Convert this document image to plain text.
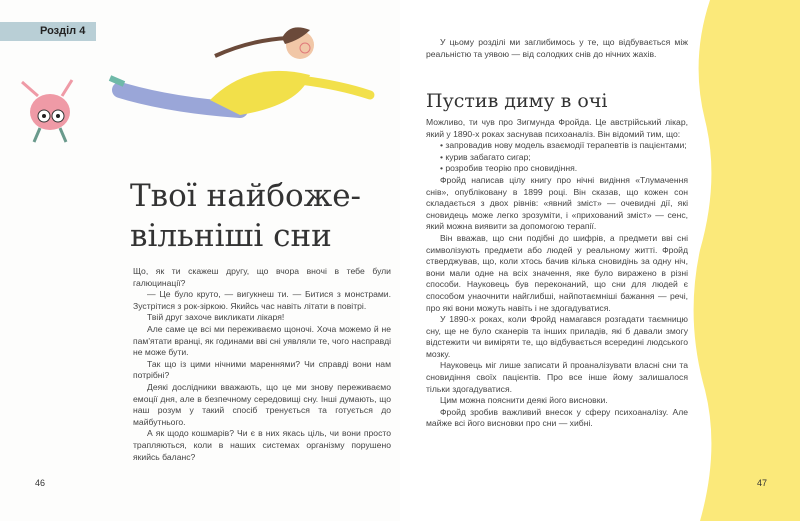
Розділ 4
Твої найбоже-
вільніші сни

Що, як ти скажеш другу, що вчора вночі в тебе були галюцинації?

— Це було круто, — вигукнеш ти. — Битися з монстрами. Зустрітися з рок-зіркою. Якийсь час навіть літати в повітрі.

Твій друг захоче викликати лікаря!

Але саме це всі ми переживаємо щоночі. Хоча можемо й не пам'ятати вранці, як годинами вві сні уявляли те, чого насправді не може бути.

Так що із цими нічними мареннями? Чи справді вони нам потрібні?

Деякі дослідники вважають, що це ми знову переживаємо емоції дня, але в безпечному середовищі сну. Інші думають, що наш розум у такий спосіб тренується та готується до майбутнього.

А як щодо кошмарів? Чи є в них якась ціль, чи вони просто трапляються, коли в наших системах організму порушено якийсь баланс?

46

У цьому розділі ми заглибимось у те, що відбувається між реальністю та уявою — від солодких снів до нічних жахів.

Пустив диму в очі

Можливо, ти чув про Зигмунда Фройда. Це австрійський лікар, який у 1890-х роках заснував психоаналіз. Він відомий тим, що:

• запровадив нову модель взаємодії терапевтів із пацієнтами;

• курив забагато сигар;

• розробив теорію про сновидіння.

Фройд написав цілу книгу про нічні видіння «Тлумачення снів», опубліковану в 1899 році. Він сказав, що кожен сон складається з двох рівнів: «явний зміст» — очевидні дії, які сновидець може легко зрозуміти, і «прихований зміст» — сенс, який можна виявити за допомогою терапії.

Він вважав, що сни подібні до шифрів, а предмети вві сні символізують предмети або людей у реальному житті. Фройд стверджував, що, коли хтось бачив кілька сновидінь за одну ніч, вони мали одне на всіх значення, яке було виражено в різні способи. Науковець був переконаний, що сни для людей є способом унаочнити найглибші, найпотаємніші бажання — речі, про які вони можуть навіть і не здогадуватися.

У 1890-х роках, коли Фройд намагався розгадати таємницю сну, ще не було сканерів та інших приладів, які б давали змогу відстежити чи виміряти те, що відбувається всередині людського мозку.

Науковець міг лише записати й проаналізувати власні сни та сновидіння своїх пацієнтів. Про все інше йому залишалося тільки здогадуватися.

Цим можна пояснити деякі його висновки.

Фройд зробив важливий внесок у сферу психоаналізу. Але майже всі його висновки про сни — хибні.

47
